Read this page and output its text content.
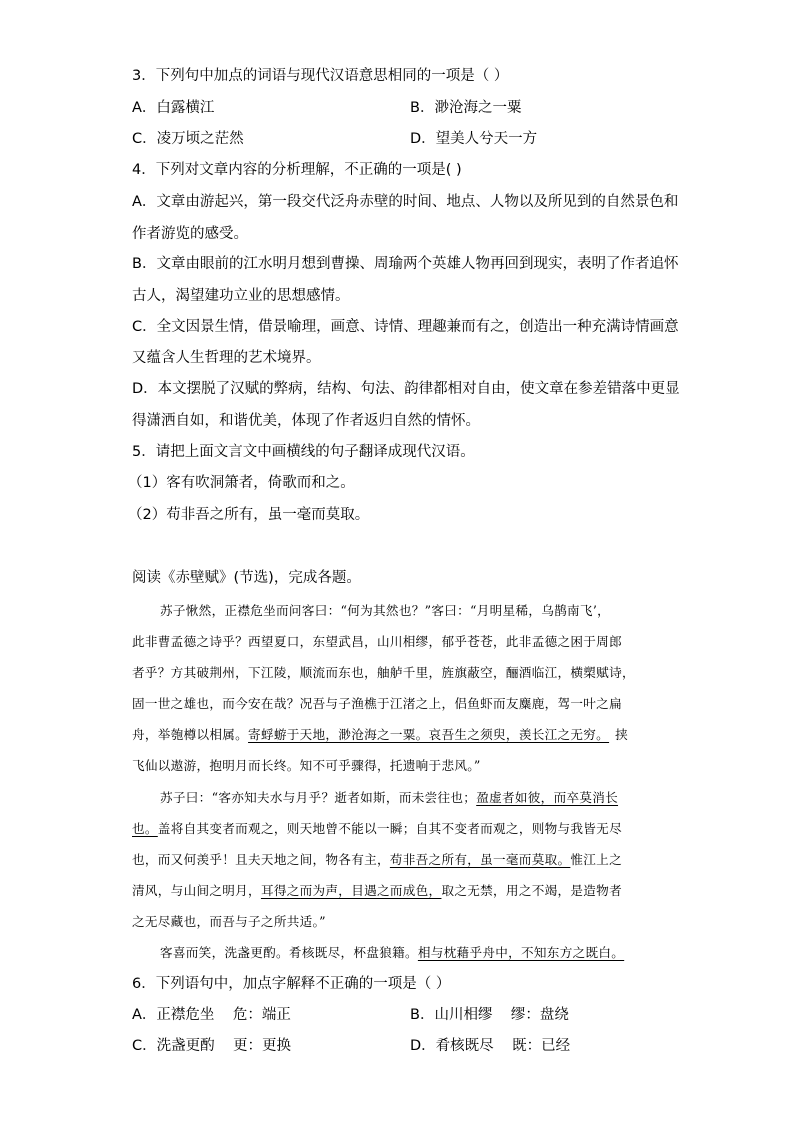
3．下列句中加点的词语与现代汉语意思相同的一项是（ ）
A．白露横江	B．渺沧海之一粟
C．凌万顷之茫然	D．望美人兮天一方
4．下列对文章内容的分析理解，不正确的一项是( )
A．文章由游起兴，第一段交代泛舟赤壁的时间、地点、人物以及所见到的自然景色和
作者游览的感受。
B．文章由眼前的江水明月想到曹操、周瑜两个英雄人物再回到现实，表明了作者追怀
古人，渴望建功立业的思想感情。
C．全文因景生情，借景喻理，画意、诗情、理趣兼而有之，创造出一种充满诗情画意
又蕴含人生哲理的艺术境界。
D．本文摆脱了汉赋的弊病，结构、句法、韵律都相对自由，使文章在参差错落中更显
得潇洒自如，和谐优美，体现了作者返归自然的情怀。
5．请把上面文言文中画横线的句子翻译成现代汉语。
（1）客有吹洞箫者，倚歌而和之。
（2）苟非吾之所有，虽一毫而莫取。
阅读《赤壁赋》(节选)，完成各题。
苏子愀然，正襟危坐而问客曰：“何为其然也？”客曰：“月明星稀，乌鹊南飞’，
此非曹孟德之诗乎？西望夏口，东望武昌，山川相缪，郁乎苍苍，此非孟德之困于周郎
者乎？方其破荆州，下江陵，顺流而东也，舳舻千里，旌旗蔽空，酾酒临江，横槊赋诗，
固一世之雄也，而今安在哉？况吾与子渔樵于江渚之上，侣鱼虾而友麋鹿，驾一叶之扁
舟，举匏樽以相属。寄蜉蝣于天地，渺沧海之一粟。哀吾生之须臾，羡长江之无穷。 挟
飞仙以遨游，抱明月而长终。知不可乎骤得，托遗响于悲风。”
苏子曰：“客亦知夫水与月乎？逝者如斯，而未尝往也；盈虚者如彼，而卒莫消长
也。盖将自其变者而观之，则天地曾不能以一瞬；自其不变者而观之，则物与我皆无尽
也，而又何羡乎！且夫天地之间，物各有主，苟非吾之所有，虽一毫而莫取。惟江上之
清风，与山间之明月，耳得之而为声，目遇之而成色，取之无禁，用之不竭，是造物者
之无尽藏也，而吾与子之所共适。”
客喜而笑，洗盏更酌。肴核既尽，杯盘狼籍。相与枕藉乎舟中，不知东方之既白。
6．下列语句中，加点字解释不正确的一项是（ ）
A．正襟危坐    危：端正	B．山川相缪    缪：盘绕
C．洗盏更酌    更：更换	D．肴核既尽    既：已经
